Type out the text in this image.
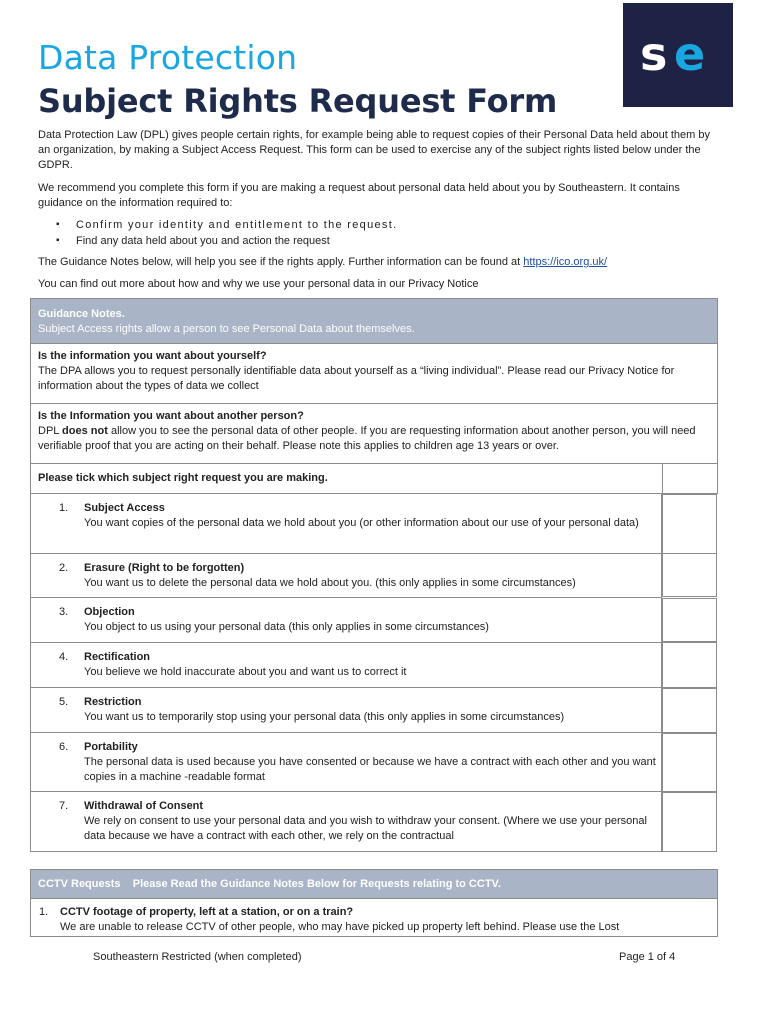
s e
Data Protection
Subject Rights Request Form

Data Protection Law (DPL) gives people certain rights, for example being able to request copies of their Personal Data held about them by an organization, by making a Subject Access Request. This form can be used to exercise any of the subject rights listed below under the GDPR.

We recommend you complete this form if you are making a request about personal data held about you by Southeastern. It contains guidance on the information required to:

▪ Confirm your identity and entitlement to the request.
▪ Find any data held about you and action the request

The Guidance Notes below, will help you see if the rights apply. Further information can be found at https://ico.org.uk/

You can find out more about how and why we use your personal data in our Privacy Notice

Guidance Notes.
Subject Access rights allow a person to see Personal Data about themselves.
Is the information you want about yourself?
The DPA allows you to request personally identifiable data about yourself as a “living individual”. Please read our Privacy Notice for information about the types of data we collect
Is the Information you want about another person?
DPL does not allow you to see the personal data of other people. If you are requesting information about another person, you will need verifiable proof that you are acting on their behalf. Please note this applies to children age 13 years or over.
Please tick which subject right request you are making.
1. Subject Access
You want copies of the personal data we hold about you (or other information about our use of your personal data)
2. Erasure (Right to be forgotten)
You want us to delete the personal data we hold about you. (this only applies in some circumstances)
3. Objection
You object to us using your personal data (this only applies in some circumstances)
4. Rectification
You believe we hold inaccurate about you and want us to correct it
5. Restriction
You want us to temporarily stop using your personal data (this only applies in some circumstances)
6. Portability
The personal data is used because you have consented or because we have a contract with each other and you want copies in a machine -readable format
7. Withdrawal of Consent
We rely on consent to use your personal data and you wish to withdraw your consent. (Where we use your personal data because we have a contract with each other, we rely on the contractual
CCTV Requests    Please Read the Guidance Notes Below for Requests relating to CCTV.
1. CCTV footage of property, left at a station, or on a train?
We are unable to release CCTV of other people, who may have picked up property left behind. Please use the Lost
Southeastern Restricted (when completed)	Page 1 of 4
